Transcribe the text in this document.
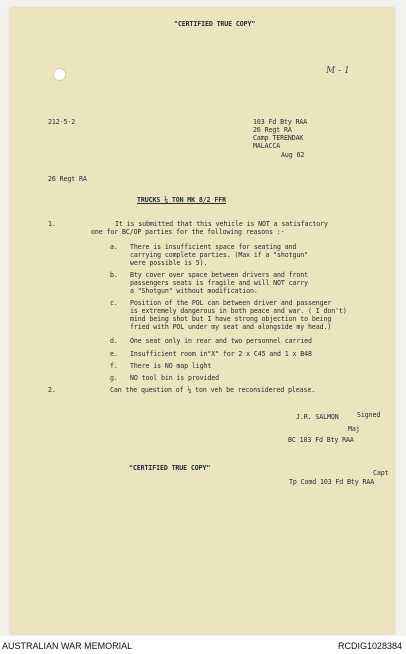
"CERTIFIED TRUE COPY"
M - 1
212-5-2	103 Fd Bty RAA
26 Regt RA
Camp TERENDAK
MALACCA
Aug 62
26 Regt RA
TRUCKS ¼ TON MK 8/2 FFR
1.	It is submitted that this vehicle is NOT a satisfactory
one for BC/OP parties for the following reasons :-
a. There is insufficient space for seating and
carrying complete parties. (Max if a "shotgun"
were possible is 5).
b. Bty cover over space between drivers and front
passengers seats is fragile and will NOT carry
a "Shotgun" without modification.
c. Position of the POL can between driver and passenger
is extremely dangerous in both peace and war. ( I don't)
mind being shot but I have strong objection to being
fried with POL under my seat and alongside my head.)
d. One seat only in rear and two personnel carried
e. Insufficient room in"X" for 2 x C45 and 1 x B48
f. There is NO map light
g. NO tool bin is provided
2.	Can the question of ¼ ton veh be reconsidered please.
J.R. SALMON	Signed
Maj
BC 103 Fd Bty RAA
"CERTIFIED TRUE COPY"
Capt
Tp Comd 103 Fd Bty RAA
AUSTRALIAN WAR MEMORIAL	RCDIG1028384
